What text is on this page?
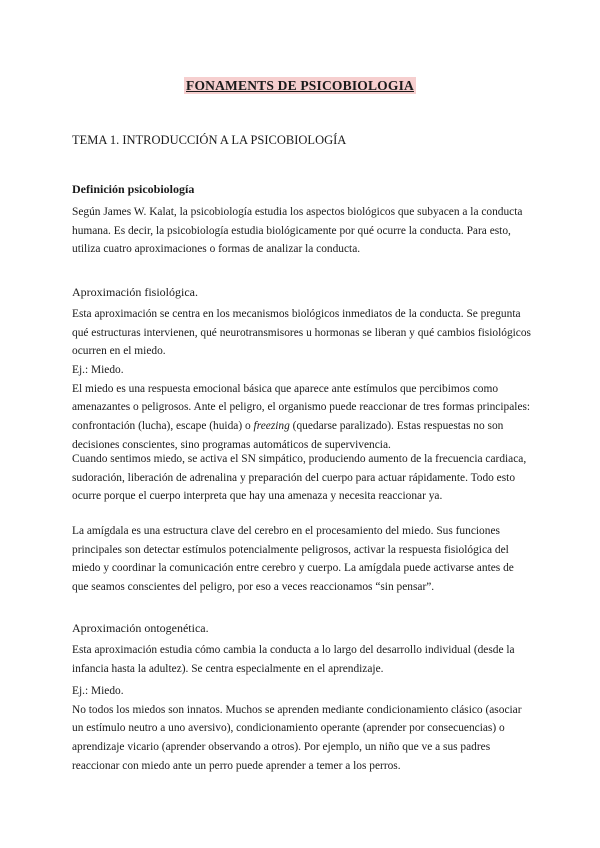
FONAMENTS DE PSICOBIOLOGIA
TEMA 1. INTRODUCCIÓN A LA PSICOBIOLOGÍA
Definición psicobiología

Según James W. Kalat, la psicobiología estudia los aspectos biológicos que subyacen a la conducta humana. Es decir, la psicobiología estudia biológicamente por qué ocurre la conducta. Para esto, utiliza cuatro aproximaciones o formas de analizar la conducta.

Aproximación fisiológica.

Esta aproximación se centra en los mecanismos biológicos inmediatos de la conducta. Se pregunta qué estructuras intervienen, qué neurotransmisores u hormonas se liberan y qué cambios fisiológicos ocurren en el miedo.

Ej.: Miedo.
El miedo es una respuesta emocional básica que aparece ante estímulos que percibimos como amenazantes o peligrosos. Ante el peligro, el organismo puede reaccionar de tres formas principales: confrontación (lucha), escape (huida) o freezing (quedarse paralizado). Estas respuestas no son decisiones conscientes, sino programas automáticos de supervivencia.

Cuando sentimos miedo, se activa el SN simpático, produciendo aumento de la frecuencia cardiaca, sudoración, liberación de adrenalina y preparación del cuerpo para actuar rápidamente. Todo esto ocurre porque el cuerpo interpreta que hay una amenaza y necesita reaccionar ya.

La amígdala es una estructura clave del cerebro en el procesamiento del miedo. Sus funciones principales son detectar estímulos potencialmente peligrosos, activar la respuesta fisiológica del miedo y coordinar la comunicación entre cerebro y cuerpo. La amígdala puede activarse antes de que seamos conscientes del peligro, por eso a veces reaccionamos “sin pensar”.

Aproximación ontogenética.

Esta aproximación estudia cómo cambia la conducta a lo largo del desarrollo individual (desde la infancia hasta la adultez). Se centra especialmente en el aprendizaje.

Ej.: Miedo.
No todos los miedos son innatos. Muchos se aprenden mediante condicionamiento clásico (asociar un estímulo neutro a uno aversivo), condicionamiento operante (aprender por consecuencias) o aprendizaje vicario (aprender observando a otros). Por ejemplo, un niño que ve a sus padres reaccionar con miedo ante un perro puede aprender a temer a los perros.
